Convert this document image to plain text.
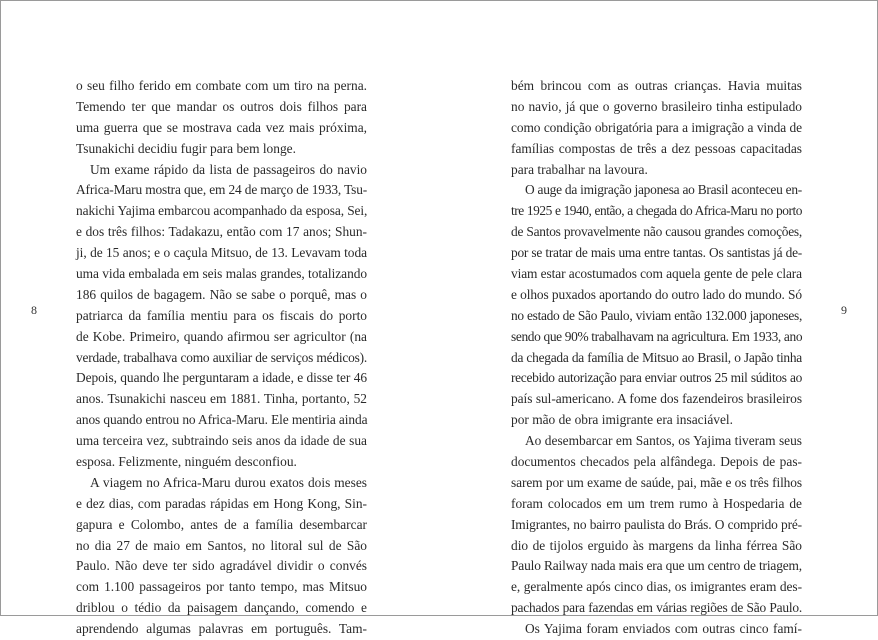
o seu filho ferido em combate com um tiro na perna.
Temendo ter que mandar os outros dois filhos para
uma guerra que se mostrava cada vez mais próxima,
Tsunakichi decidiu fugir para bem longe.
Um exame rápido da lista de passageiros do navio
Africa-Maru mostra que, em 24 de março de 1933, Tsu-
nakichi Yajima embarcou acompanhado da esposa, Sei,
e dos três filhos: Tadakazu, então com 17 anos; Shun-
ji, de 15 anos; e o caçula Mitsuo, de 13. Levavam toda
uma vida embalada em seis malas grandes, totalizando
186 quilos de bagagem. Não se sabe o porquê, mas o
patriarca da família mentiu para os fiscais do porto
de Kobe. Primeiro, quando afirmou ser agricultor (na
verdade, trabalhava como auxiliar de serviços médicos).
Depois, quando lhe perguntaram a idade, e disse ter 46
anos. Tsunakichi nasceu em 1881. Tinha, portanto, 52
anos quando entrou no Africa-Maru. Ele mentiria ainda
uma terceira vez, subtraindo seis anos da idade de sua
esposa. Felizmente, ninguém desconfiou.
A viagem no Africa-Maru durou exatos dois meses
e dez dias, com paradas rápidas em Hong Kong, Sin-
gapura e Colombo, antes de a família desembarcar
no dia 27 de maio em Santos, no litoral sul de São
Paulo. Não deve ter sido agradável dividir o convés
com 1.100 passageiros por tanto tempo, mas Mitsuo
driblou o tédio da paisagem dançando, comendo e
aprendendo algumas palavras em português. Tam-
8
bém brincou com as outras crianças. Havia muitas
no navio, já que o governo brasileiro tinha estipulado
como condição obrigatória para a imigração a vinda de
famílias compostas de três a dez pessoas capacitadas
para trabalhar na lavoura.
O auge da imigração japonesa ao Brasil aconteceu en-
tre 1925 e 1940, então, a chegada do Africa-Maru no porto
de Santos provavelmente não causou grandes comoções,
por se tratar de mais uma entre tantas. Os santistas já de-
viam estar acostumados com aquela gente de pele clara
e olhos puxados aportando do outro lado do mundo. Só
no estado de São Paulo, viviam então 132.000 japoneses,
sendo que 90% trabalhavam na agricultura. Em 1933, ano
da chegada da família de Mitsuo ao Brasil, o Japão tinha
recebido autorização para enviar outros 25 mil súditos ao
país sul-americano. A fome dos fazendeiros brasileiros
por mão de obra imigrante era insaciável.
Ao desembarcar em Santos, os Yajima tiveram seus
documentos checados pela alfândega. Depois de pas-
sarem por um exame de saúde, pai, mãe e os três filhos
foram colocados em um trem rumo à Hospedaria de
Imigrantes, no bairro paulista do Brás. O comprido pré-
dio de tijolos erguido às margens da linha férrea São
Paulo Railway nada mais era que um centro de triagem,
e, geralmente após cinco dias, os imigrantes eram des-
pachados para fazendas em várias regiões de São Paulo.
Os Yajima foram enviados com outras cinco famí-
9
